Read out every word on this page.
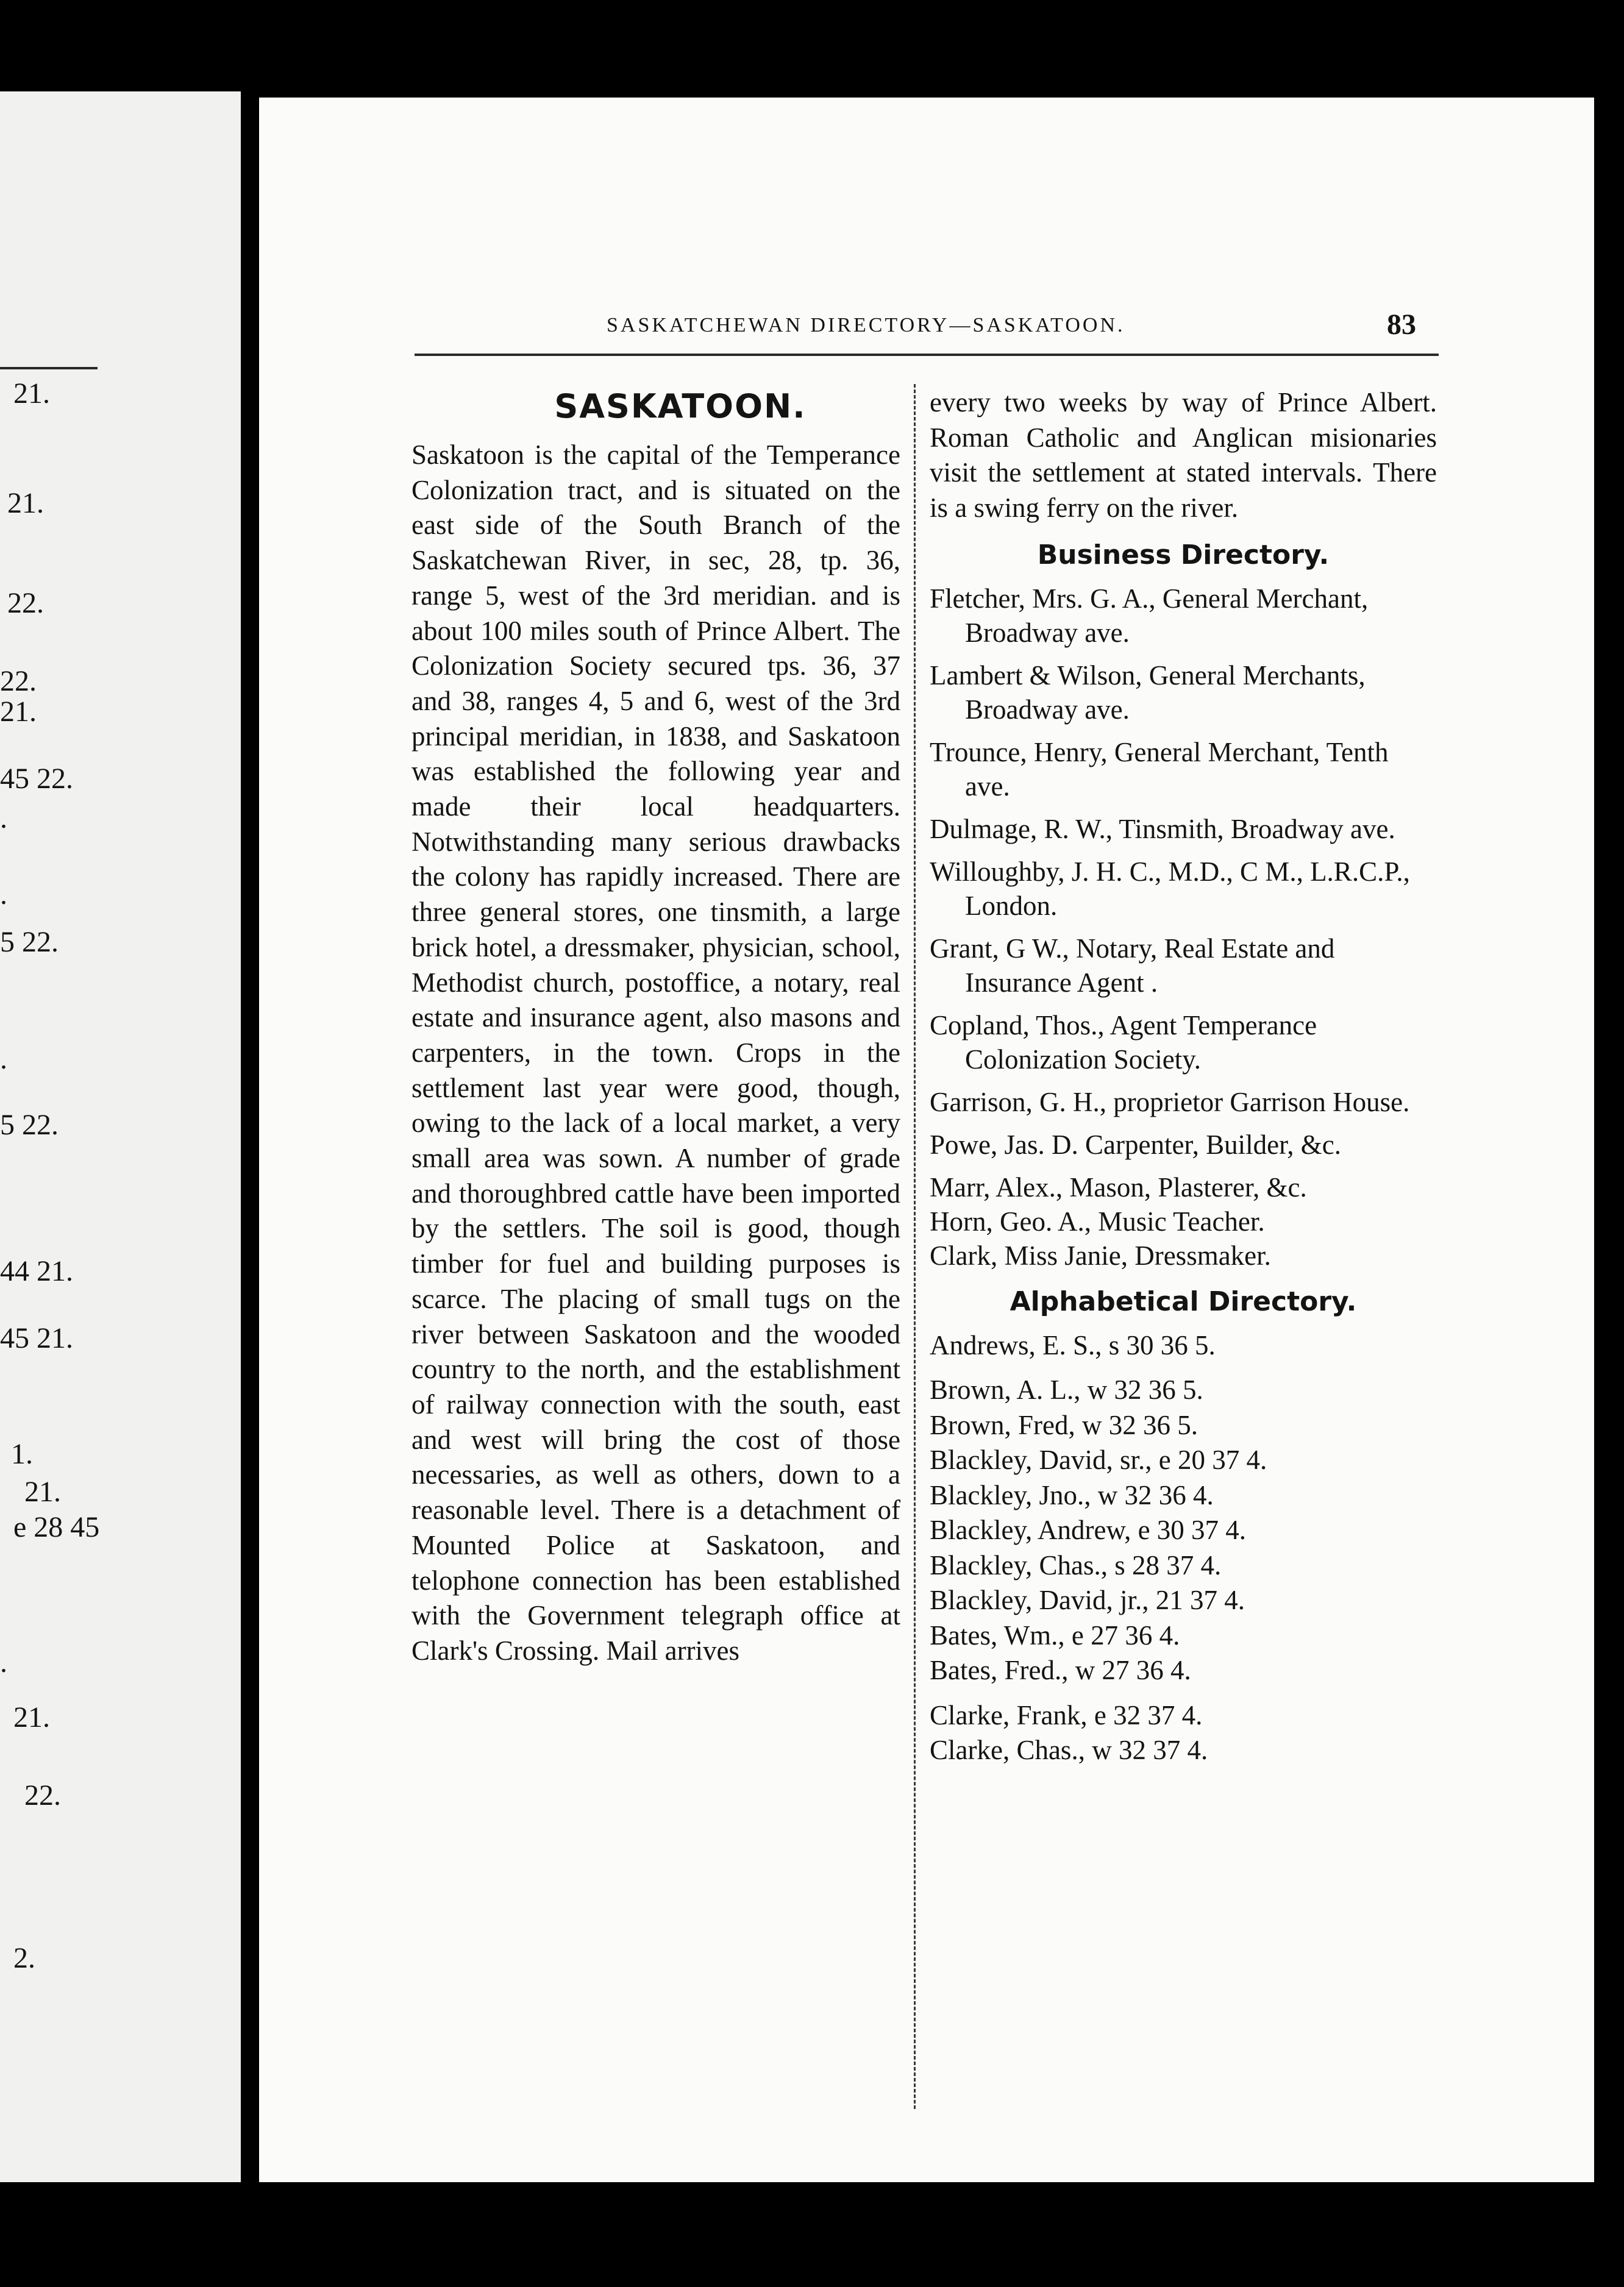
21.
21.
22.
22.
21.
45 22.
.
.
5 22.
.
5 22.
44 21.
45 21.
1.
21.
e 28 45
.
21.
22.
2.
SASKATCHEWAN DIRECTORY—SASKATOON.	83
SASKATOON.

Saskatoon is the capital of the Temperance Colonization tract, and is situated on the east side of the South Branch of the Saskatchewan River, in sec, 28, tp. 36, range 5, west of the 3rd meridian. and is about 100 miles south of Prince Albert. The Colonization Society secured tps. 36, 37 and 38, ranges 4, 5 and 6, west of the 3rd principal meridian, in 1838, and Saskatoon was established the following year and made their local headquarters. Notwithstanding many serious drawbacks the colony has rapidly increased. There are three general stores, one tinsmith, a large brick hotel, a dressmaker, physician, school, Methodist church, postoffice, a notary, real estate and insurance agent, also masons and carpenters, in the town. Crops in the settlement last year were good, though, owing to the lack of a local market, a very small area was sown. A number of grade and thoroughbred cattle have been imported by the settlers. The soil is good, though timber for fuel and building purposes is scarce. The placing of small tugs on the river between Saskatoon and the wooded country to the north, and the establishment of railway connection with the south, east and west will bring the cost of those necessaries, as well as others, down to a reasonable level. There is a detachment of Mounted Police at Saskatoon, and telophone connection has been established with the Government telegraph office at Clark's Crossing. Mail arrives

every two weeks by way of Prince Albert. Roman Catholic and Anglican misionaries visit the settlement at stated intervals. There is a swing ferry on the river.

Business Directory.

Fletcher, Mrs. G. A., General Merchant, Broadway ave.

Lambert & Wilson, General Merchants, Broadway ave.

Trounce, Henry, General Merchant, Tenth ave.

Dulmage, R. W., Tinsmith, Broadway ave.

Willoughby, J. H. C., M.D., C M., L.R.C.P., London.

Grant, G W., Notary, Real Estate and Insurance Agent .

Copland, Thos., Agent Temperance Colonization Society.

Garrison, G. H., proprietor Garrison House.

Powe, Jas. D. Carpenter, Builder, &c.

Marr, Alex., Mason, Plasterer, &c.

Horn, Geo. A., Music Teacher.

Clark, Miss Janie, Dressmaker.

Alphabetical Directory.

Andrews, E. S., s 30 36 5.

Brown, A. L., w 32 36 5.

Brown, Fred, w 32 36 5.

Blackley, David, sr., e 20 37 4.

Blackley, Jno., w 32 36 4.

Blackley, Andrew, e 30 37 4.

Blackley, Chas., s 28 37 4.

Blackley, David, jr., 21 37 4.

Bates, Wm., e 27 36 4.

Bates, Fred., w 27 36 4.

Clarke, Frank, e 32 37 4.

Clarke, Chas., w 32 37 4.
